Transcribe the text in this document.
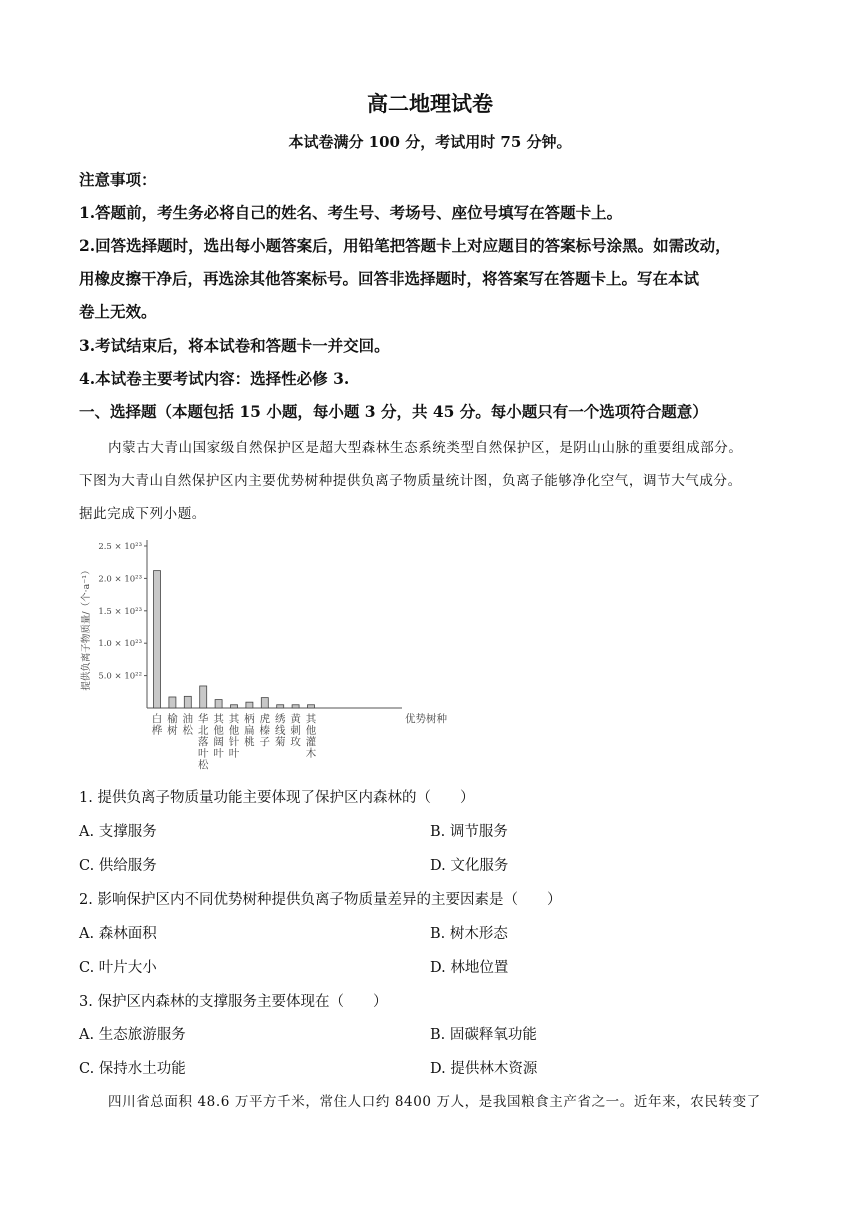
高二地理试卷
本试卷满分 100 分，考试用时 75 分钟。
注意事项：
1.答题前，考生务必将自己的姓名、考生号、考场号、座位号填写在答题卡上。
2.回答选择题时，选出每小题答案后，用铅笔把答题卡上对应题目的答案标号涂黑。如需改动，
用橡皮擦干净后，再选涂其他答案标号。回答非选择题时，将答案写在答题卡上。写在本试
卷上无效。
3.考试结束后，将本试卷和答题卡一并交回。
4.本试卷主要考试内容：选择性必修 3.
一、选择题（本题包括 15 小题，每小题 3 分，共 45 分。每小题只有一个选项符合题意）
内蒙古大青山国家级自然保护区是超大型森林生态系统类型自然保护区，是阴山山脉的重要组成部分。
下图为大青山自然保护区内主要优势树种提供负离子物质量统计图，负离子能够净化空气，调节大气成分。
据此完成下列小题。
5.0 × 10²²
1.0 × 10²³
1.5 × 10²³
2.0 × 10²³
2.5 × 10²³
提供负离子物质量/（个·a⁻¹）
白
桦
榆
树
油
松
华
北
落
叶
松
其
他
阔
叶
其
他
针
叶
柄
扁
桃
虎
榛
子
绣
线
菊
黄
刺
玫
其
他
灌
木
优势树种
1. 提供负离子物质量功能主要体现了保护区内森林的（　　）
A. 支撑服务	B. 调节服务
C. 供给服务	D. 文化服务
2. 影响保护区内不同优势树种提供负离子物质量差异的主要因素是（　　）
A. 森林面积	B. 树木形态
C. 叶片大小	D. 林地位置
3. 保护区内森林的支撑服务主要体现在（　　）
A. 生态旅游服务	B. 固碳释氧功能
C. 保持水土功能	D. 提供林木资源
四川省总面积 48.6 万平方千米，常住人口约 8400 万人，是我国粮食主产省之一。近年来，农民转变了
